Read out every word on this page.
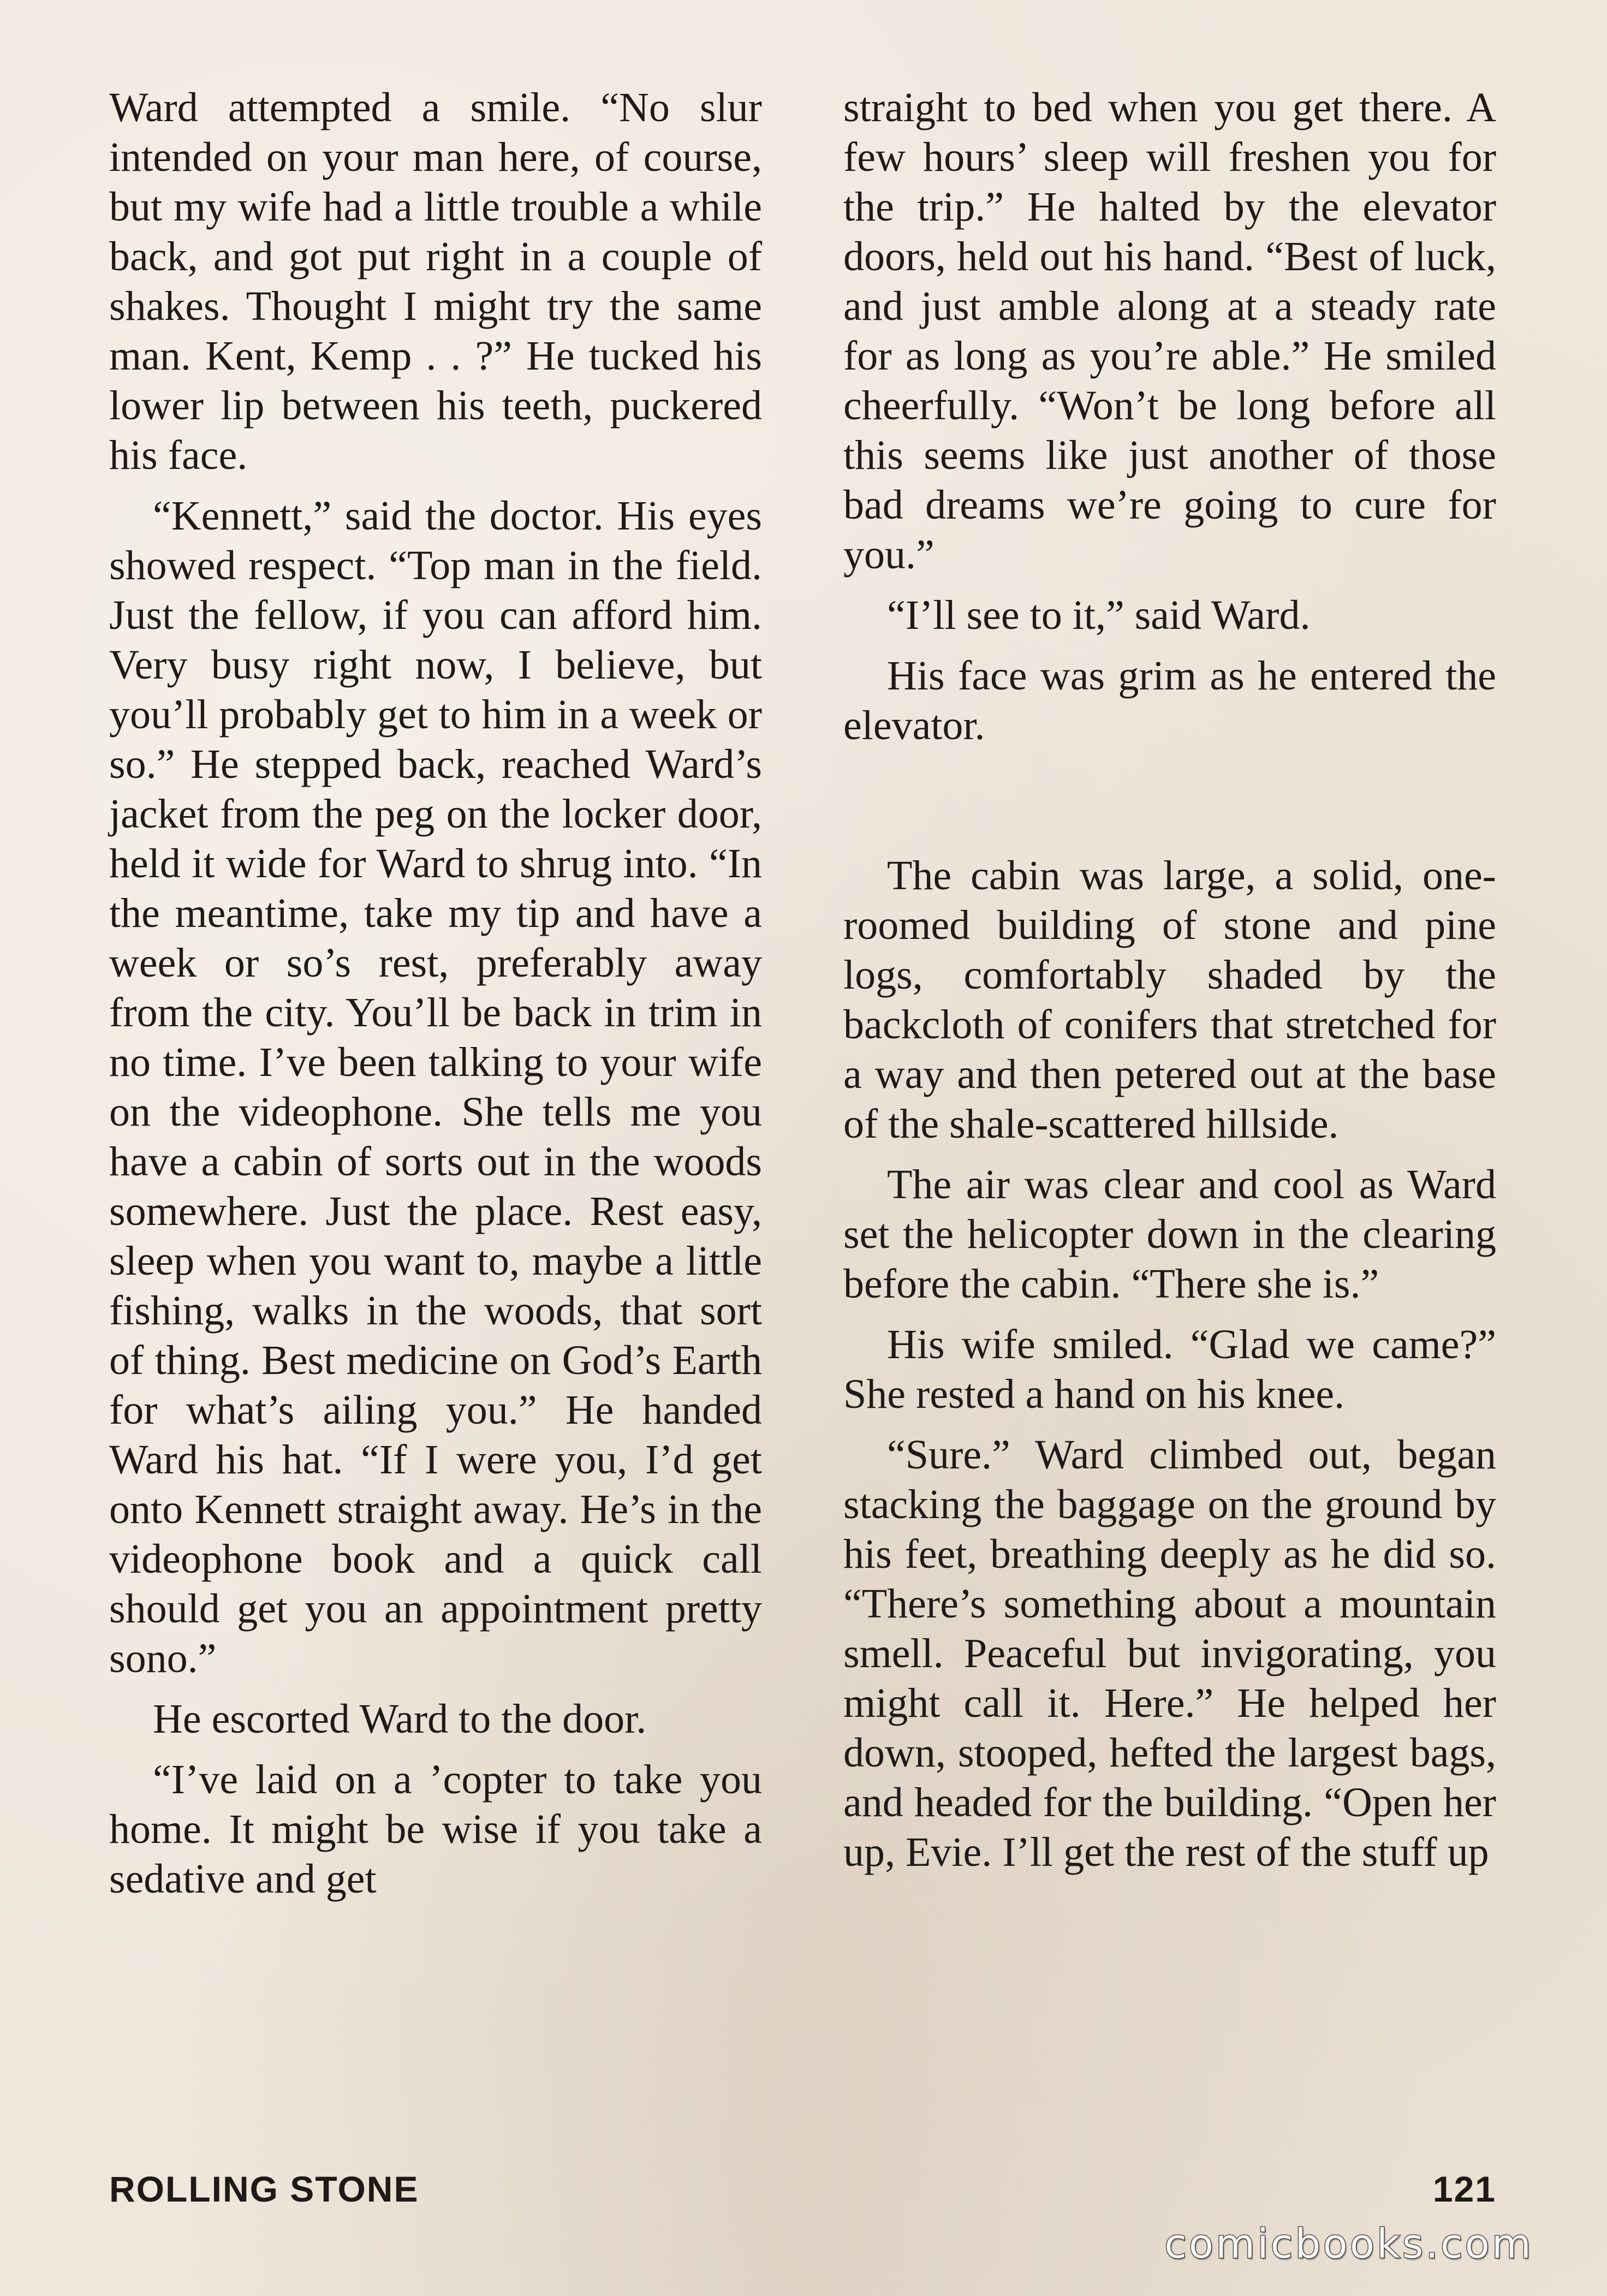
Ward attempted a smile. “No slur intended on your man here, of course, but my wife had a little trouble a while back, and got put right in a couple of shakes. Thought I might try the same man. Kent, Kemp . . ?” He tucked his lower lip between his teeth, puckered his face.

“Kennett,” said the doctor. His eyes showed respect. “Top man in the field. Just the fellow, if you can afford him. Very busy right now, I believe, but you’ll probably get to him in a week or so.” He stepped back, reached Ward’s jacket from the peg on the locker door, held it wide for Ward to shrug into. “In the meantime, take my tip and have a week or so’s rest, preferably away from the city. You’ll be back in trim in no time. I’ve been talking to your wife on the videophone. She tells me you have a cabin of sorts out in the woods somewhere. Just the place. Rest easy, sleep when you want to, maybe a little fishing, walks in the woods, that sort of thing. Best medicine on God’s Earth for what’s ailing you.” He handed Ward his hat. “If I were you, I’d get onto Kennett straight away. He’s in the videophone book and a quick call should get you an appointment pretty sono.”

He escorted Ward to the door.

“I’ve laid on a ’copter to take you home. It might be wise if you take a sedative and get

straight to bed when you get there. A few hours’ sleep will freshen you for the trip.” He halted by the elevator doors, held out his hand. “Best of luck, and just amble along at a steady rate for as long as you’re able.” He smiled cheerfully. “Won’t be long before all this seems like just another of those bad dreams we’re going to cure for you.”

“I’ll see to it,” said Ward.

His face was grim as he entered the elevator.

The cabin was large, a solid, one-roomed building of stone and pine logs, comfortably shaded by the backcloth of conifers that stretched for a way and then petered out at the base of the shale-scattered hillside.

The air was clear and cool as Ward set the helicopter down in the clearing before the cabin. “There she is.”

His wife smiled. “Glad we came?” She rested a hand on his knee.

“Sure.” Ward climbed out, began stacking the baggage on the ground by his feet, breathing deeply as he did so. “There’s something about a mountain smell. Peaceful but invigorating, you might call it. Here.” He helped her down, stooped, hefted the largest bags, and headed for the building. “Open her up, Evie. I’ll get the rest of the stuff up

ROLLING STONE	121
comicbooks.com
